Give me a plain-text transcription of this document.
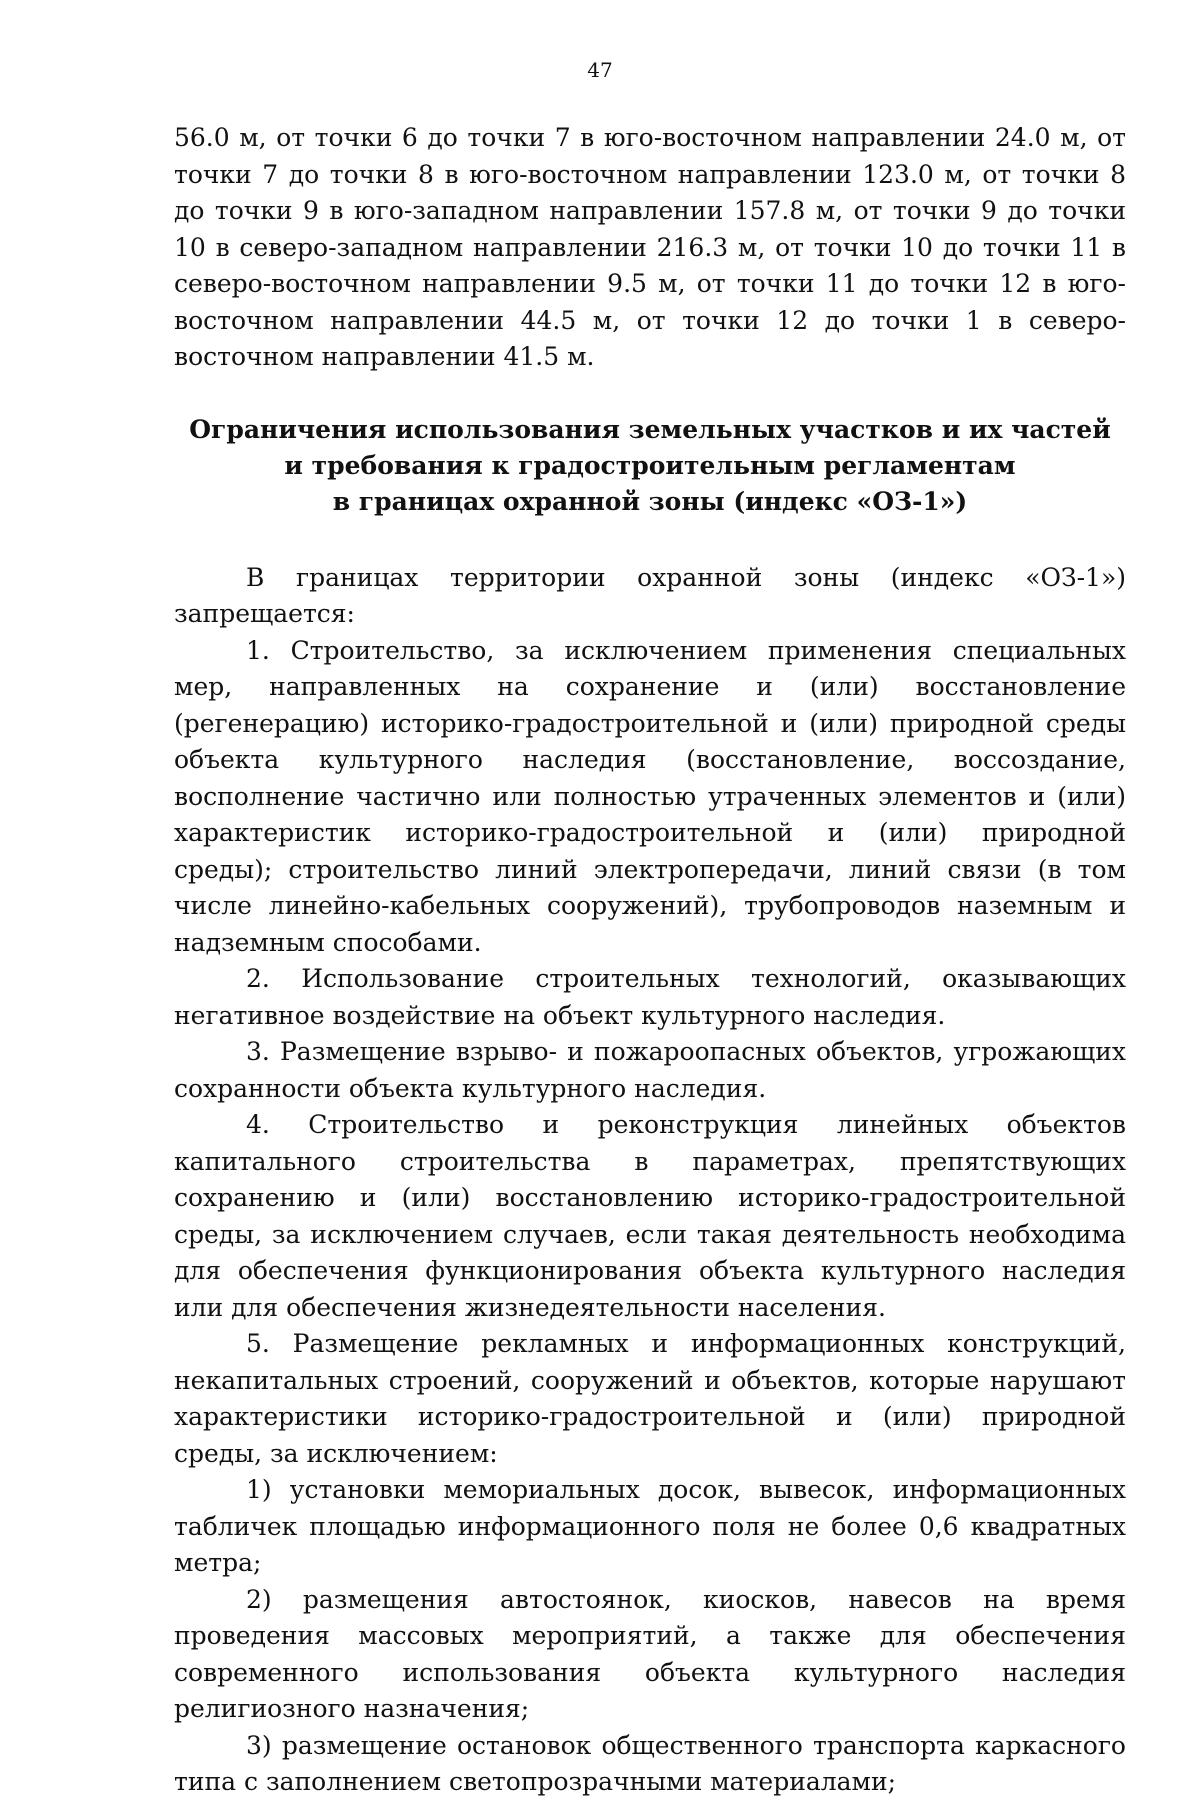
47

56.0 м, от точки 6 до точки 7 в юго-восточном направлении 24.0 м, от точки 7 до точки 8 в юго-восточном направлении 123.0 м, от точки 8 до точки 9 в юго-западном направлении 157.8 м, от точки 9 до точки 10 в северо-западном направлении 216.3 м, от точки 10 до точки 11 в северо-восточном направлении 9.5 м, от точки 11 до точки 12 в юго-восточном направлении 44.5 м, от точки 12 до точки 1 в северо-восточном направлении 41.5 м.

Ограничения использования земельных участков и их частей
и требования к градостроительным регламентам
в границах охранной зоны (индекс «ОЗ-1»)

В границах территории охранной зоны (индекс «ОЗ-1») запрещается:

1. Строительство, за исключением применения специальных мер, направленных на сохранение и (или) восстановление (регенерацию) историко-градостроительной и (или) природной среды объекта культурного наследия (восстановление, воссоздание, восполнение частично или полностью утраченных элементов и (или) характеристик историко-градостроительной и (или) природной среды); строительство линий электропередачи, линий связи (в том числе линейно-кабельных сооружений), трубопроводов наземным и надземным способами.

2. Использование строительных технологий, оказывающих негативное воздействие на объект культурного наследия.

3. Размещение взрыво- и пожароопасных объектов, угрожающих сохранности объекта культурного наследия.

4. Строительство и реконструкция линейных объектов капитального строительства в параметрах, препятствующих сохранению и (или) восстановлению историко-градостроительной среды, за исключением случаев, если такая деятельность необходима для обеспечения функционирования объекта культурного наследия или для обеспечения жизнедеятельности населения.

5. Размещение рекламных и информационных конструкций, некапитальных строений, сооружений и объектов, которые нарушают характеристики историко-градостроительной и (или) природной среды, за исключением:

1) установки мемориальных досок, вывесок, информационных табличек площадью информационного поля не более 0,6 квадратных метра;

2) размещения автостоянок, киосков, навесов на время проведения массовых мероприятий, а также для обеспечения современного использования объекта культурного наследия религиозного назначения;

3) размещение остановок общественного транспорта каркасного типа с заполнением светопрозрачными материалами;
